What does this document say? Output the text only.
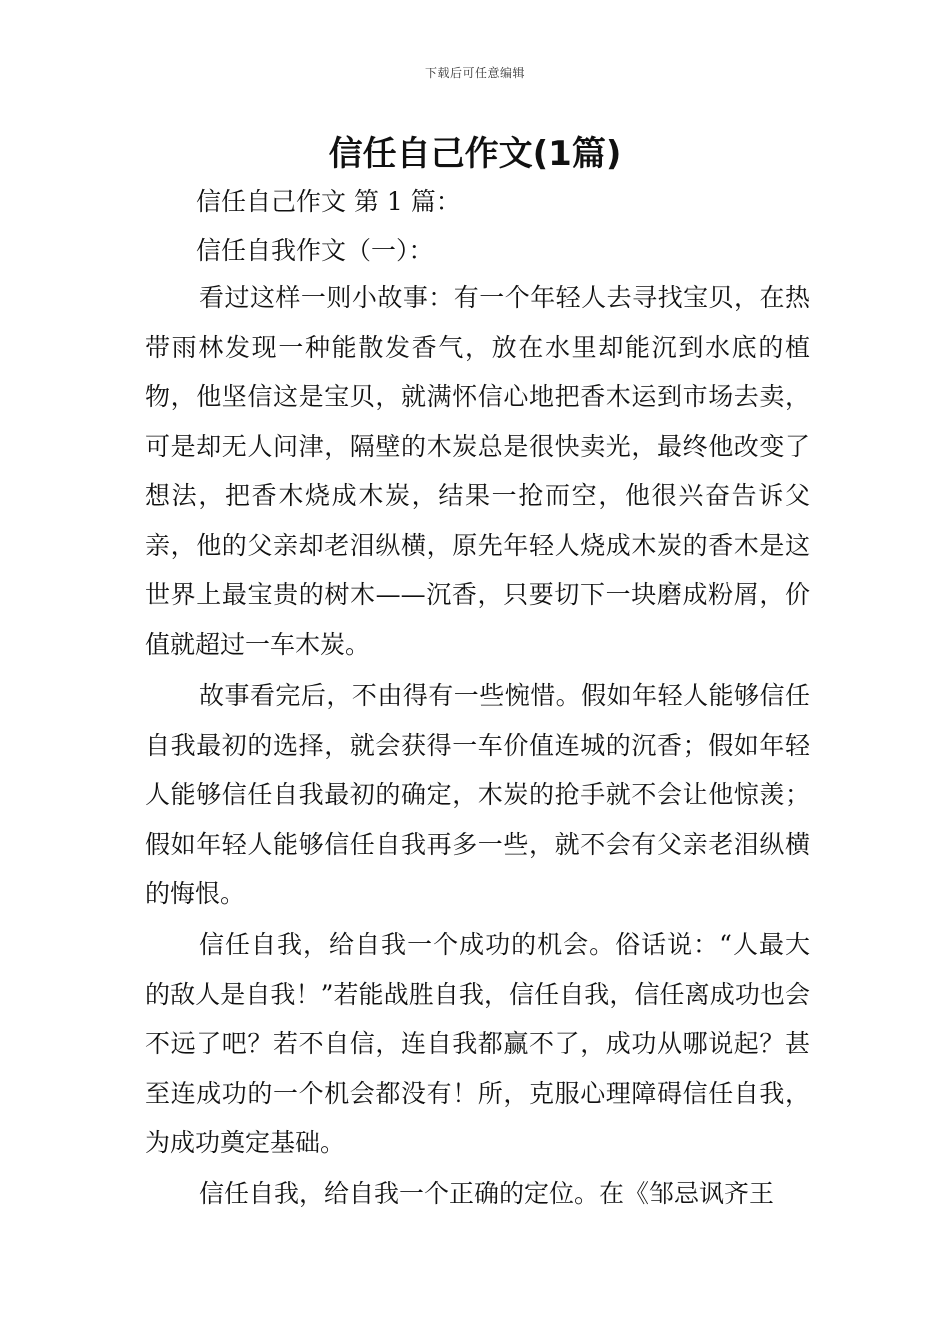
下载后可任意编辑
信任自己作文(1篇)
信任自己作文 第 1 篇：
信任自我作文（一）：

看过这样一则小故事：有一个年轻人去寻找宝贝，在热带雨林发现一种能散发香气，放在水里却能沉到水底的植物，他坚信这是宝贝，就满怀信心地把香木运到市场去卖，可是却无人问津，隔壁的木炭总是很快卖光，最终他改变了想法，把香木烧成木炭，结果一抢而空，他很兴奋告诉父亲，他的父亲却老泪纵横，原先年轻人烧成木炭的香木是这世界上最宝贵的树木——沉香，只要切下一块磨成粉屑，价值就超过一车木炭。

故事看完后，不由得有一些惋惜。假如年轻人能够信任自我最初的选择，就会获得一车价值连城的沉香；假如年轻人能够信任自我最初的确定，木炭的抢手就不会让他惊羡；假如年轻人能够信任自我再多一些，就不会有父亲老泪纵横的悔恨。

信任自我，给自我一个成功的机会。俗话说：“人最大的敌人是自我！”若能战胜自我，信任自我，信任离成功也会不远了吧？若不自信，连自我都赢不了，成功从哪说起？甚至连成功的一个机会都没有！所，克服心理障碍信任自我，为成功奠定基础。

信任自我，给自我一个正确的定位。在《邹忌讽齐王
